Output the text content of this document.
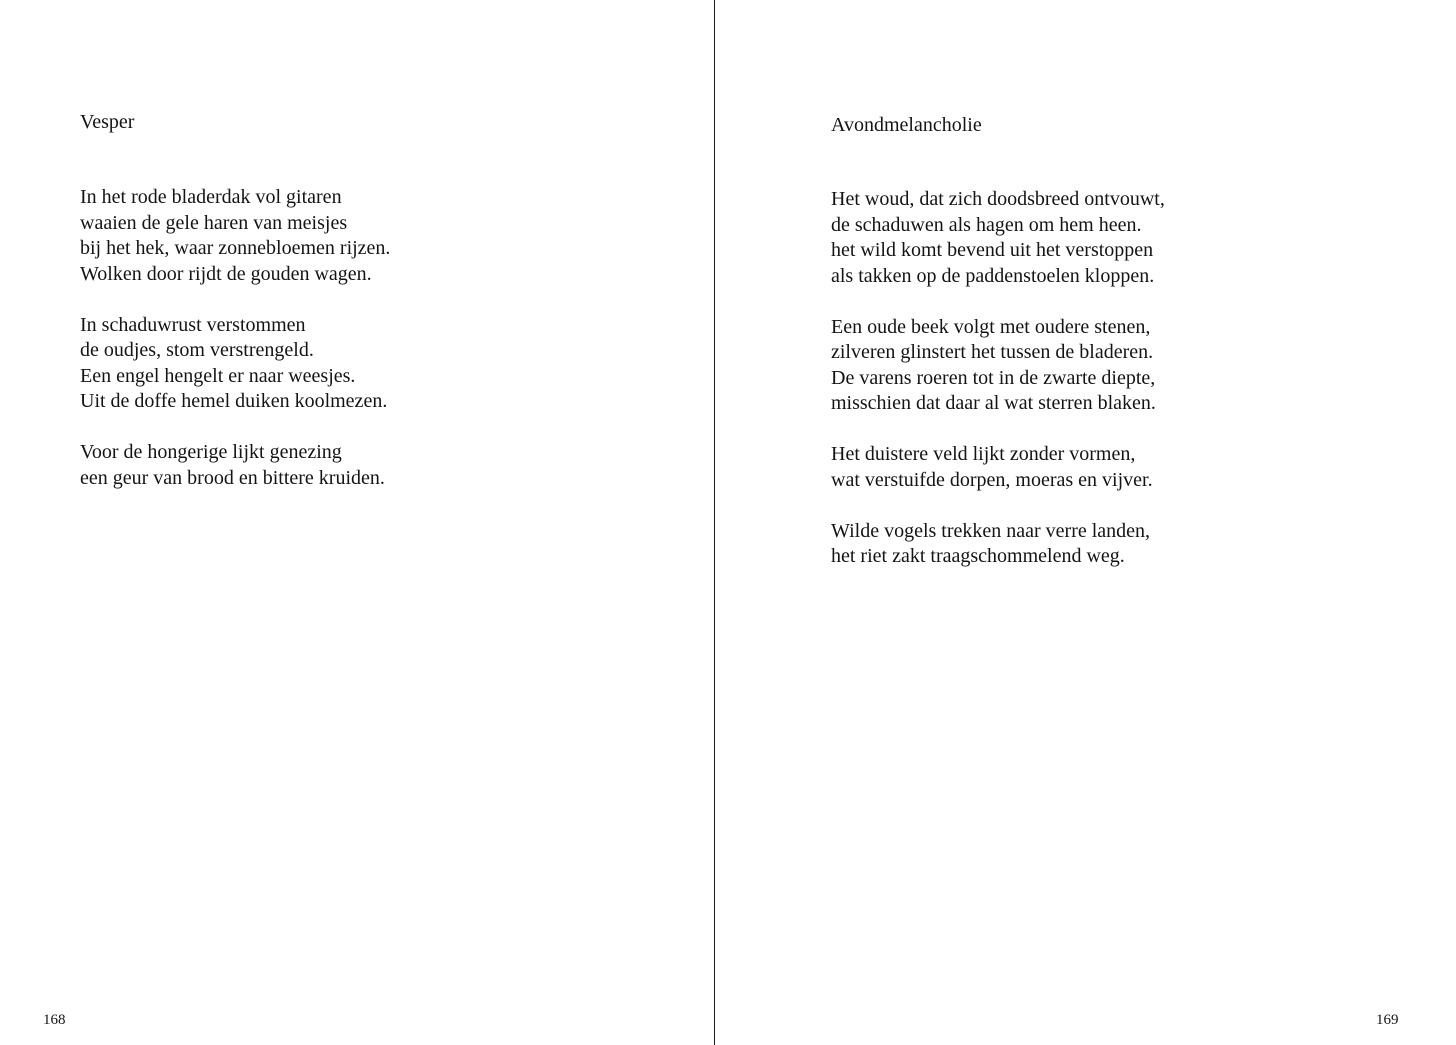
Vesper

In het rode bladerdak vol gitaren
waaien de gele haren van meisjes
bij het hek, waar zonnebloemen rijzen.
Wolken door rijdt de gouden wagen.

In schaduwrust verstommen
de oudjes, stom verstrengeld.
Een engel hengelt er naar weesjes.
Uit de doffe hemel duiken koolmezen.

Voor de hongerige lijkt genezing
een geur van brood en bittere kruiden.

168
Avondmelancholie

Het woud, dat zich doodsbreed ontvouwt,
de schaduwen als hagen om hem heen.
het wild komt bevend uit het verstoppen
als takken op de paddenstoelen kloppen.

Een oude beek volgt met oudere stenen,
zilveren glinstert het tussen de bladeren.
De varens roeren tot in de zwarte diepte,
misschien dat daar al wat sterren blaken.

Het duistere veld lijkt zonder vormen,
wat verstuifde dorpen, moeras en vijver.

Wilde vogels trekken naar verre landen,
het riet zakt traagschommelend weg.

169
